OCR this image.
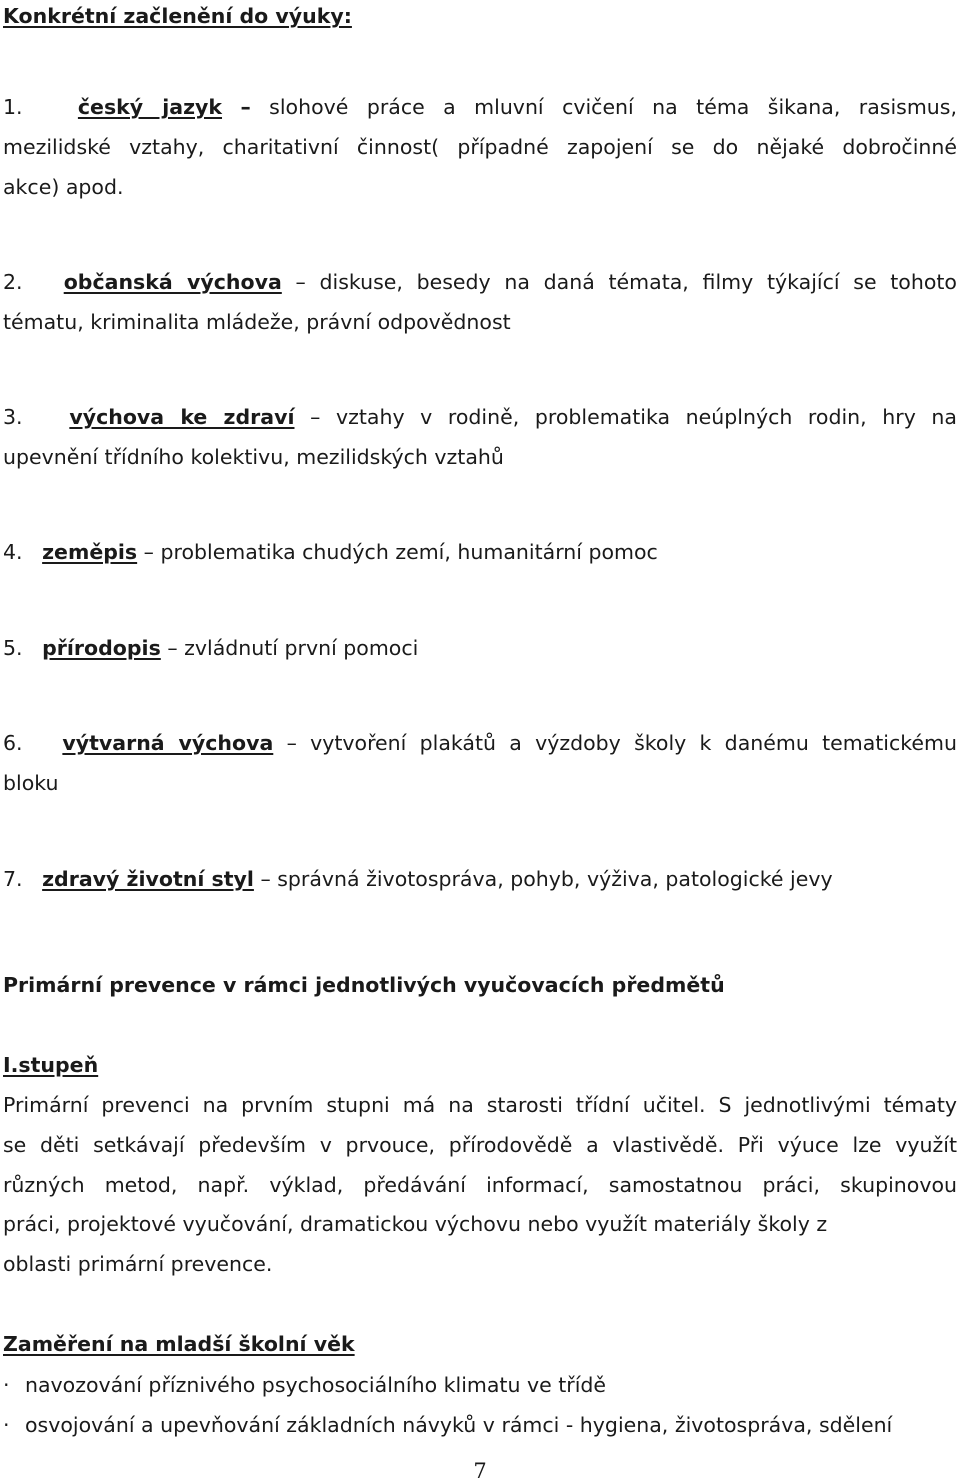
Konkrétní začlenění do výuky:
1.	český jazyk – slohové práce a mluvní cvičení na téma šikana, rasismus,
mezilidské vztahy, charitativní činnost( případné zapojení se do nějaké dobročinné
akce) apod.
2. občanská výchova – diskuse, besedy na daná témata, filmy týkající se tohoto
tématu, kriminalita mládeže, právní odpovědnost
3. výchova ke zdraví – vztahy v rodině, problematika neúplných rodin, hry na
upevnění třídního kolektivu, mezilidských vztahů
4. zeměpis – problematika chudých zemí, humanitární pomoc
5. přírodopis – zvládnutí první pomoci
6. výtvarná výchova – vytvoření plakátů a výzdoby školy k danému tematickému
bloku
7. zdravý životní styl – správná životospráva, pohyb, výživa, patologické jevy
Primární prevence v rámci jednotlivých vyučovacích předmětů
I.stupeň
Primární prevenci na prvním stupni má na starosti třídní učitel. S jednotlivými tématy
se děti setkávají především v prvouce, přírodovědě a vlastivědě. Při výuce lze využít
různých metod, např. výklad, předávání informací, samostatnou práci, skupinovou
práci, projektové vyučování, dramatickou výchovu nebo využít materiály školy z
oblasti primární prevence.
Zaměření na mladší školní věk
· navozování příznivého psychosociálního klimatu ve třídě
· osvojování a upevňování základních návyků v rámci - hygiena, životospráva, sdělení
7
